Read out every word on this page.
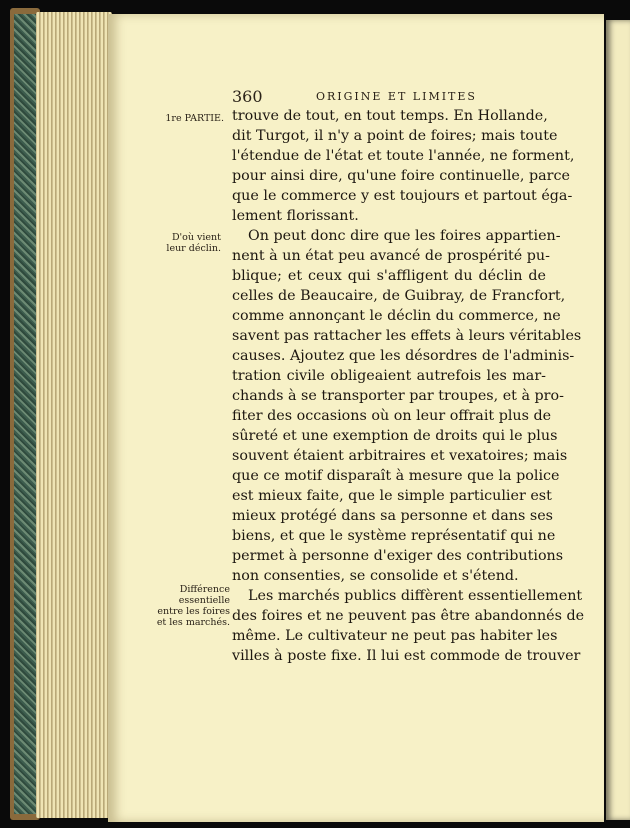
360	ORIGINE ET LIMITES
1re PARTIE.
D'où vient
leur déclin.
Différence
essentielle
entre les foires
et les marchés.
trouve de tout, en tout temps. En Hollande,
dit Turgot, il n'y a point de foires; mais toute
l'étendue de l'état et toute l'année, ne forment,
pour ainsi dire, qu'une foire continuelle, parce
que le commerce y est toujours et partout éga-
lement florissant.
On peut donc dire que les foires appartien-
nent à un état peu avancé de prospérité pu-
blique; et ceux qui s'affligent du déclin de
celles de Beaucaire, de Guibray, de Francfort,
comme annonçant le déclin du commerce, ne
savent pas rattacher les effets à leurs véritables
causes. Ajoutez que les désordres de l'adminis-
tration civile obligeaient autrefois les mar-
chands à se transporter par troupes, et à pro-
fiter des occasions où on leur offrait plus de
sûreté et une exemption de droits qui le plus
souvent étaient arbitraires et vexatoires; mais
que ce motif disparaît à mesure que la police
est mieux faite, que le simple particulier est
mieux protégé dans sa personne et dans ses
biens, et que le système représentatif qui ne
permet à personne d'exiger des contributions
non consenties, se consolide et s'étend.
Les marchés publics diffèrent essentiellement
des foires et ne peuvent pas être abandonnés de
même. Le cultivateur ne peut pas habiter les
villes à poste fixe. Il lui est commode de trouver
